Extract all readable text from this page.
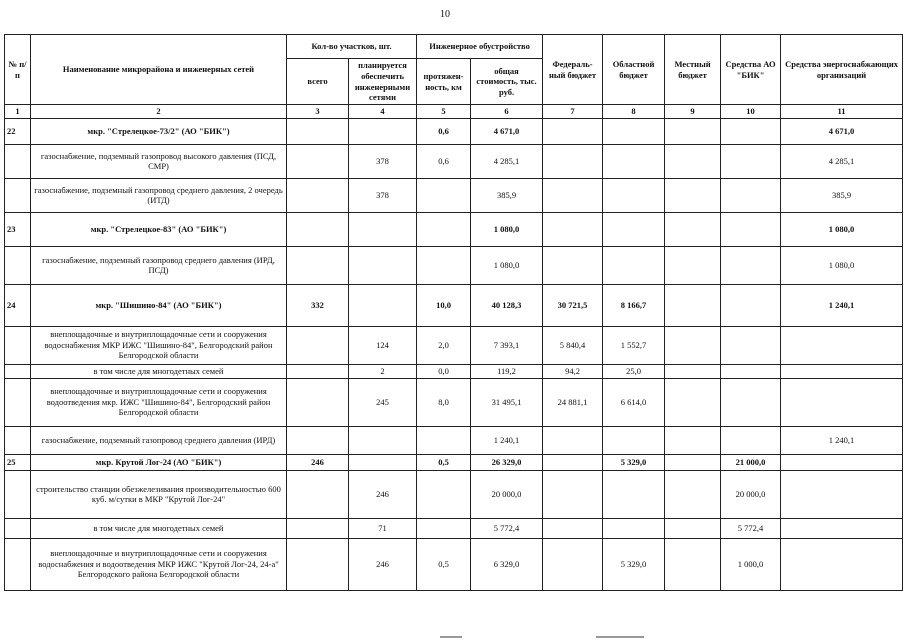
10
№ п/п	Наименование микрорайона и инженерных сетей	Кол-во участков, шт.		Инженерное обустройство		Федераль-ный бюджет	Областной бюджет	Местный бюджет	Средства АО "БИК"	Средства энергоснабжающих организаций
		всего	планируется обеспечить инженерными сетями	протяжен-ность, км	общая стоимость, тыс. руб.					
1	2	3	4	5	6	7	8	9	10	11
22	мкр. "Стрелецкое-73/2" (АО "БИК")			0,6	4 671,0					4 671,0
	газоснабжение, подземный газопровод высокого давления (ПСД, СМР)		378	0,6	4 285,1					4 285,1
	газоснабжение, подземный газопровод среднего давления, 2 очередь (ИТД)		378		385,9					385,9
23	мкр. "Стрелецкое-83" (АО "БИК")				1 080,0					1 080,0
	газоснабжение, подземный газопровод среднего давления (ИРД, ПСД)				1 080,0					1 080,0
24	мкр. "Шишино-84" (АО "БИК")	332		10,0	40 128,3	30 721,5	8 166,7			1 240,1
	внеплощадочные и внутриплощадочные сети и сооружения водоснабжения МКР ИЖС "Шишино-84", Белгородский район Белгородской области		124	2,0	7 393,1	5 840,4	1 552,7			
	в том числе для многодетных семей		2	0,0	119,2	94,2	25,0			
	внеплощадочные и внутриплощадочные сети и сооружения водоотведения мкр. ИЖС "Шишино-84", Белгородский район Белгородской области		245	8,0	31 495,1	24 881,1	6 614,0			
	газоснабжение, подземный газопровод среднего давления (ИРД)				1 240,1					1 240,1
25	мкр. Крутой Лог-24 (АО "БИК")	246		0,5	26 329,0		5 329,0		21 000,0	
	строительство станции обезжелезивания производительностью 600 куб. м/сутки в МКР "Крутой Лог-24"		246		20 000,0				20 000,0	
	в том числе для многодетных семей		71		5 772,4				5 772,4	
	внеплощадочные и внутриплощадочные сети и сооружения водоснабжения и водоотведения МКР ИЖС "Крутой Лог-24, 24-а" Белгородского района Белгородской области		246	0,5	6 329,0		5 329,0		1 000,0	
